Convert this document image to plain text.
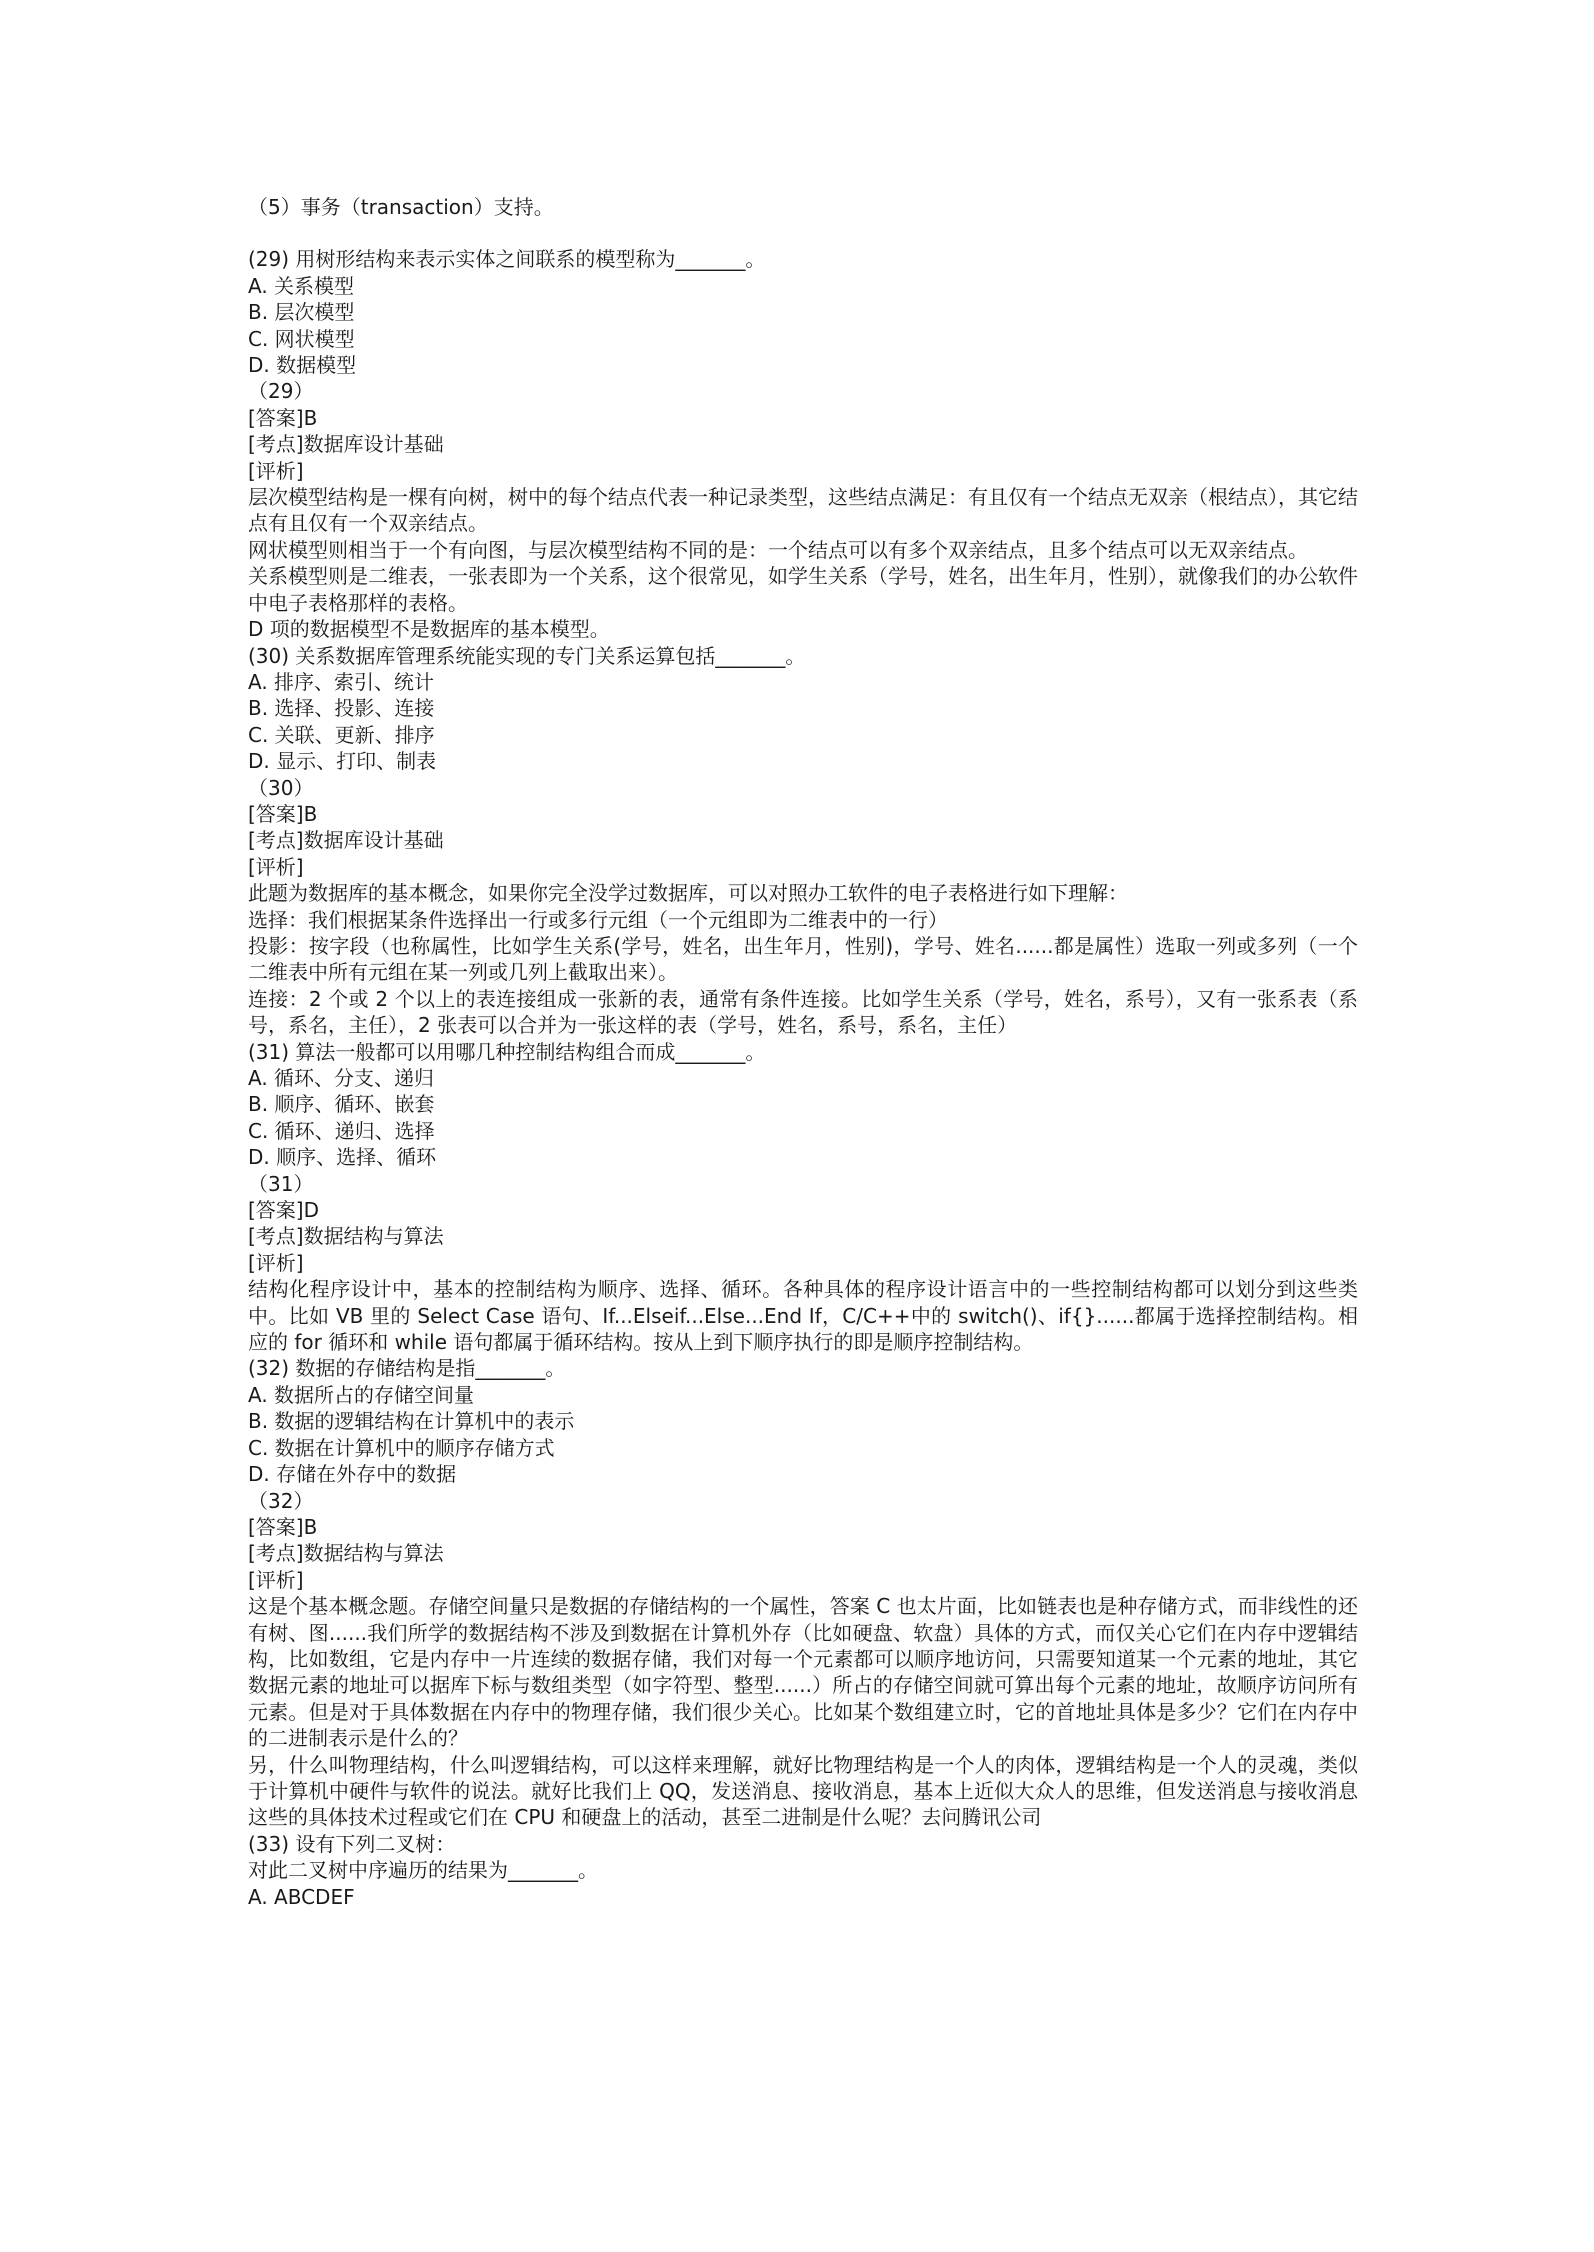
（5）事务（transaction）支持。
(29) 用树形结构来表示实体之间联系的模型称为_______。
A. 关系模型
B. 层次模型
C. 网状模型
D. 数据模型
（29）
[答案]B
[考点]数据库设计基础
[评析]
层次模型结构是一棵有向树，树中的每个结点代表一种记录类型，这些结点满足：有且仅有一个结点无双亲（根结点），其它结点有且仅有一个双亲结点。
网状模型则相当于一个有向图，与层次模型结构不同的是：一个结点可以有多个双亲结点，且多个结点可以无双亲结点。
关系模型则是二维表，一张表即为一个关系，这个很常见，如学生关系（学号，姓名，出生年月，性别），就像我们的办公软件中电子表格那样的表格。
D 项的数据模型不是数据库的基本模型。
(30) 关系数据库管理系统能实现的专门关系运算包括_______。
A. 排序、索引、统计
B. 选择、投影、连接
C. 关联、更新、排序
D. 显示、打印、制表
（30）
[答案]B
[考点]数据库设计基础
[评析]
此题为数据库的基本概念，如果你完全没学过数据库，可以对照办工软件的电子表格进行如下理解：
选择：我们根据某条件选择出一行或多行元组（一个元组即为二维表中的一行）
投影：按字段（也称属性，比如学生关系(学号，姓名，出生年月，性别)，学号、姓名......都是属性）选取一列或多列（一个二维表中所有元组在某一列或几列上截取出来）。
连接：2 个或 2 个以上的表连接组成一张新的表，通常有条件连接。比如学生关系（学号，姓名，系号），又有一张系表（系号，系名，主任），2 张表可以合并为一张这样的表（学号，姓名，系号，系名，主任）
(31) 算法一般都可以用哪几种控制结构组合而成_______。
A. 循环、分支、递归
B. 顺序、循环、嵌套
C. 循环、递归、选择
D. 顺序、选择、循环
（31）
[答案]D
[考点]数据结构与算法
[评析]
结构化程序设计中，基本的控制结构为顺序、选择、循环。各种具体的程序设计语言中的一些控制结构都可以划分到这些类中。比如 VB 里的 Select Case 语句、If...Elseif...Else...End If，C/C++中的 switch()、if{}......都属于选择控制结构。相应的 for 循环和 while 语句都属于循环结构。按从上到下顺序执行的即是顺序控制结构。
(32) 数据的存储结构是指_______。
A. 数据所占的存储空间量
B. 数据的逻辑结构在计算机中的表示
C. 数据在计算机中的顺序存储方式
D. 存储在外存中的数据
（32）
[答案]B
[考点]数据结构与算法
[评析]
这是个基本概念题。存储空间量只是数据的存储结构的一个属性，答案 C 也太片面，比如链表也是种存储方式，而非线性的还有树、图......我们所学的数据结构不涉及到数据在计算机外存（比如硬盘、软盘）具体的方式，而仅关心它们在内存中逻辑结构，比如数组，它是内存中一片连续的数据存储，我们对每一个元素都可以顺序地访问，只需要知道某一个元素的地址，其它数据元素的地址可以据库下标与数组类型（如字符型、整型......）所占的存储空间就可算出每个元素的地址，故顺序访问所有元素。但是对于具体数据在内存中的物理存储，我们很少关心。比如某个数组建立时，它的首地址具体是多少？它们在内存中的二进制表示是什么的？
另，什么叫物理结构，什么叫逻辑结构，可以这样来理解，就好比物理结构是一个人的肉体，逻辑结构是一个人的灵魂，类似于计算机中硬件与软件的说法。就好比我们上 QQ，发送消息、接收消息，基本上近似大众人的思维，但发送消息与接收消息这些的具体技术过程或它们在 CPU 和硬盘上的活动，甚至二进制是什么呢？去问腾讯公司
(33) 设有下列二叉树：
对此二叉树中序遍历的结果为_______。
A. ABCDEF
